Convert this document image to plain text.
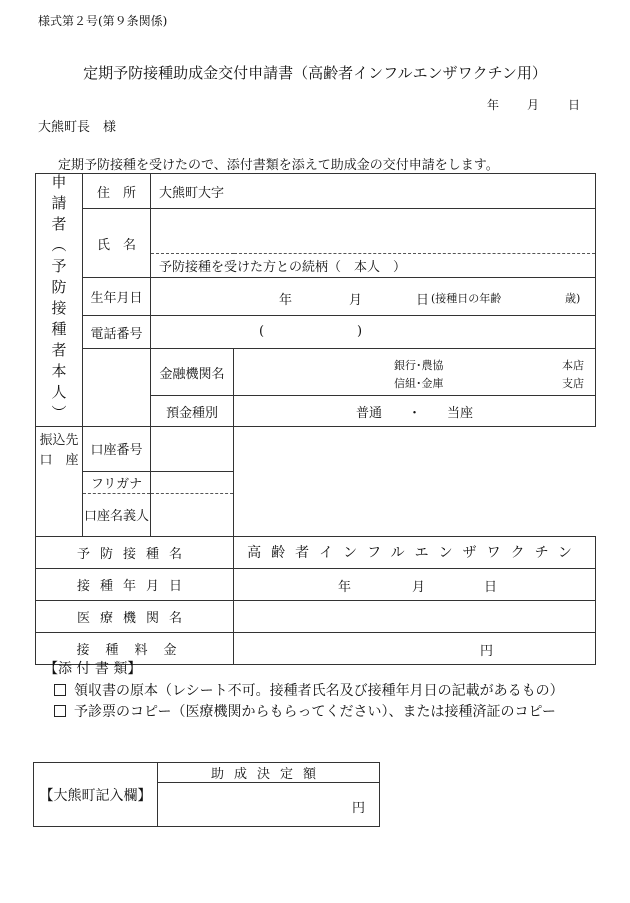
様式第２号(第９条関係)
定期予防接種助成金交付申請書（高齢者インフルエンザワクチン用）
年 月 日
大熊町長　様
定期予防接種を受けたので、添付書類を添えて助成金の交付申請をします。
申請者（予防接種者本人）	住　所	大熊町大字	
	氏　名		
		予防接種を受けた方との続柄（　本人　）	
	生年月日	年 月 日 (接種日の年齢 歳)	

	電話番号	( )	

		金融機関名	銀行･農協
信組･金庫
本店
支店

		預金種別	普通　　・　　当座

振込先
口　座	口座番号		
	フリガナ		
	口座名義人		
予防接種名			高齢者インフルエンザワクチン
接種年月日			年 月 日

医療機関名			
接種料金			円
【添 付 書 類】
領収書の原本（レシート不可。接種者氏名及び接種年月日の記載があるもの）
予診票のコピー（医療機関からもらってください）、または接種済証のコピー
【大熊町記入欄】	助成決定額

円
